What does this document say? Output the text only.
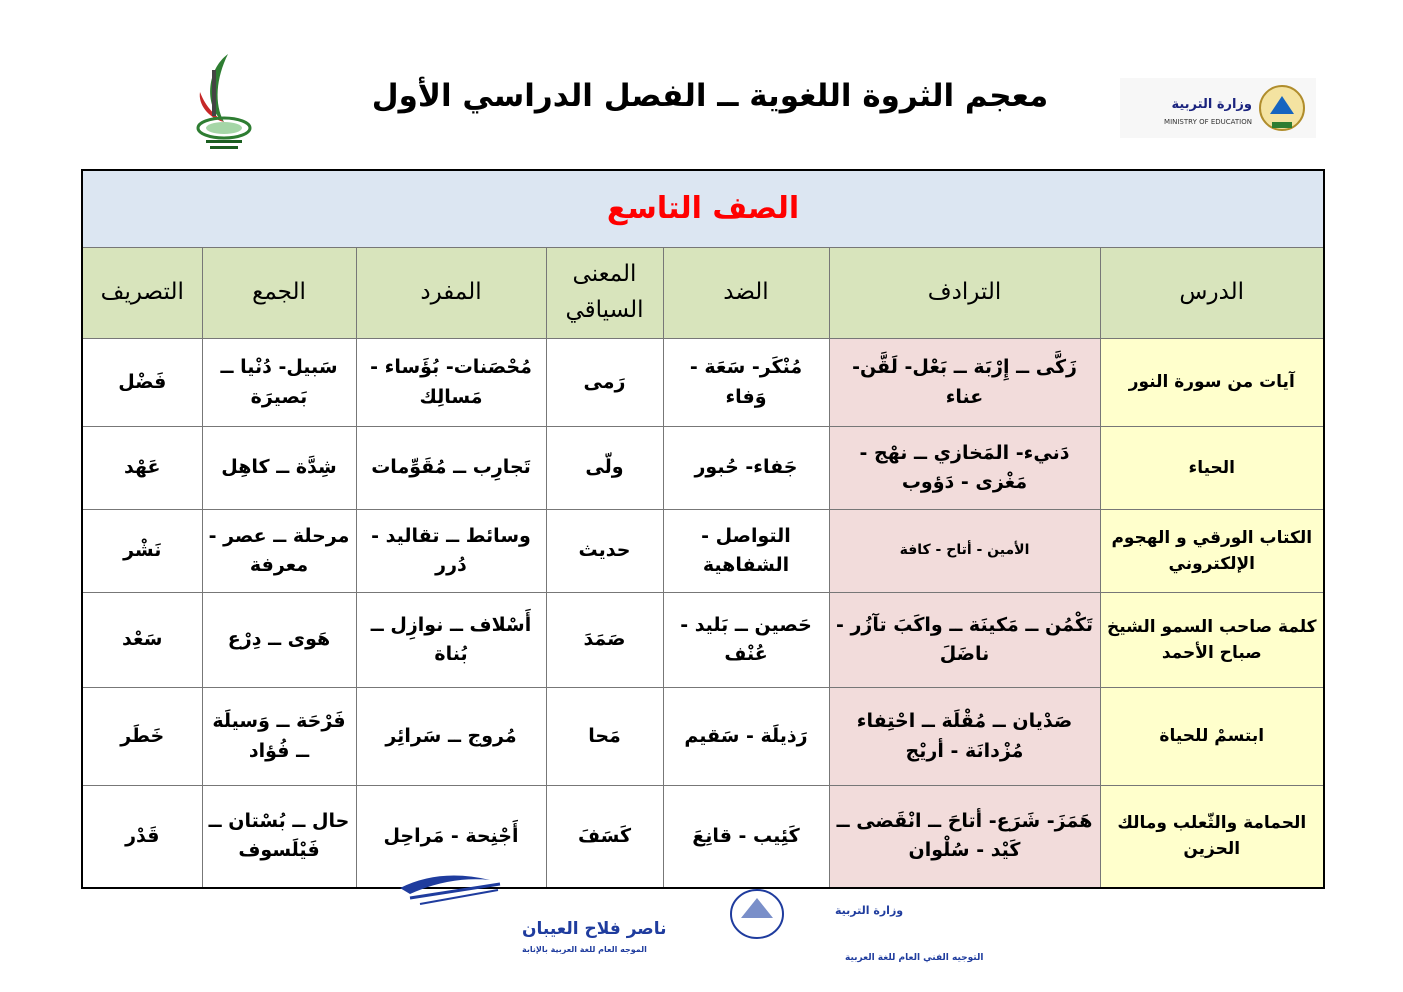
معجم الثروة اللغوية ــ الفصل الدراسي الأول	وزارة التربية
MINISTRY OF EDUCATION
الصف التاسع						
الدرس	الترادف	الضد	المعنى السياقي	المفرد	الجمع	التصريف
آيات من سورة النور	زَكَّى ــ إِرْبَة ــ بَعْل- لَقَّن- عناء	مُنْكَر- سَعَة - وَفاء	رَمى	مُحْصَنات- بُؤَساء - مَسالِك	سَبيل- دُنْيا ــ بَصيرَة	فَضْل
الحياء	دَنيء- المَخازي ــ نهْج - مَغْزى - دَؤوب	جَفاء- حُبور	ولّى	تَجارِب ــ مُقَوِّمات	شِدَّة ــ كاهِل	عَهْد
الكتاب الورقي و الهجوم الإلكتروني	الأمين - أتاح - كافة	التواصل - الشفاهية	حديث	وسائط ــ تقاليد - دُرر	مرحلة ــ عصر - معرفة	نَشْر
كلمة صاحب السمو الشيخ صباح الأحمد	تَكْمُن ــ مَكينَة ــ واكَبَ تآزُر - ناضَلَ	حَصين ــ بَليد - عُنْف	صَمَدَ	أَسْلاف ــ نوازِل ــ بُناة	هَوى ــ دِرْع	سَعْد
ابتسمْ للحياة	صَدْيان ــ مُقْلَة ــ احْتِفاء مُزْدانَة - أريْج	رَذيلَة - سَقيم	مَحا	مُروج ــ سَرائِر	فَرْحَة ــ وَسيلَة ــ فُؤاد	خَطَر
الحمامة والثّعلب ومالك الحزين	هَمَزَ- شَرَع- أتاحَ ــ انْقَضى ــ كَيْد - سُلْوان	كَئِيب - قانِعَ	كَسَفَ	أَجْنِحة - مَراحِل	حال ــ بُسْتان ــ فَيْلَسوف	قَدْر
ناصر فلاح العيبان
الموجه العام للغة العربية بالإنابة
وزارة التربية
التوجيه الفني العام للغة العربية
